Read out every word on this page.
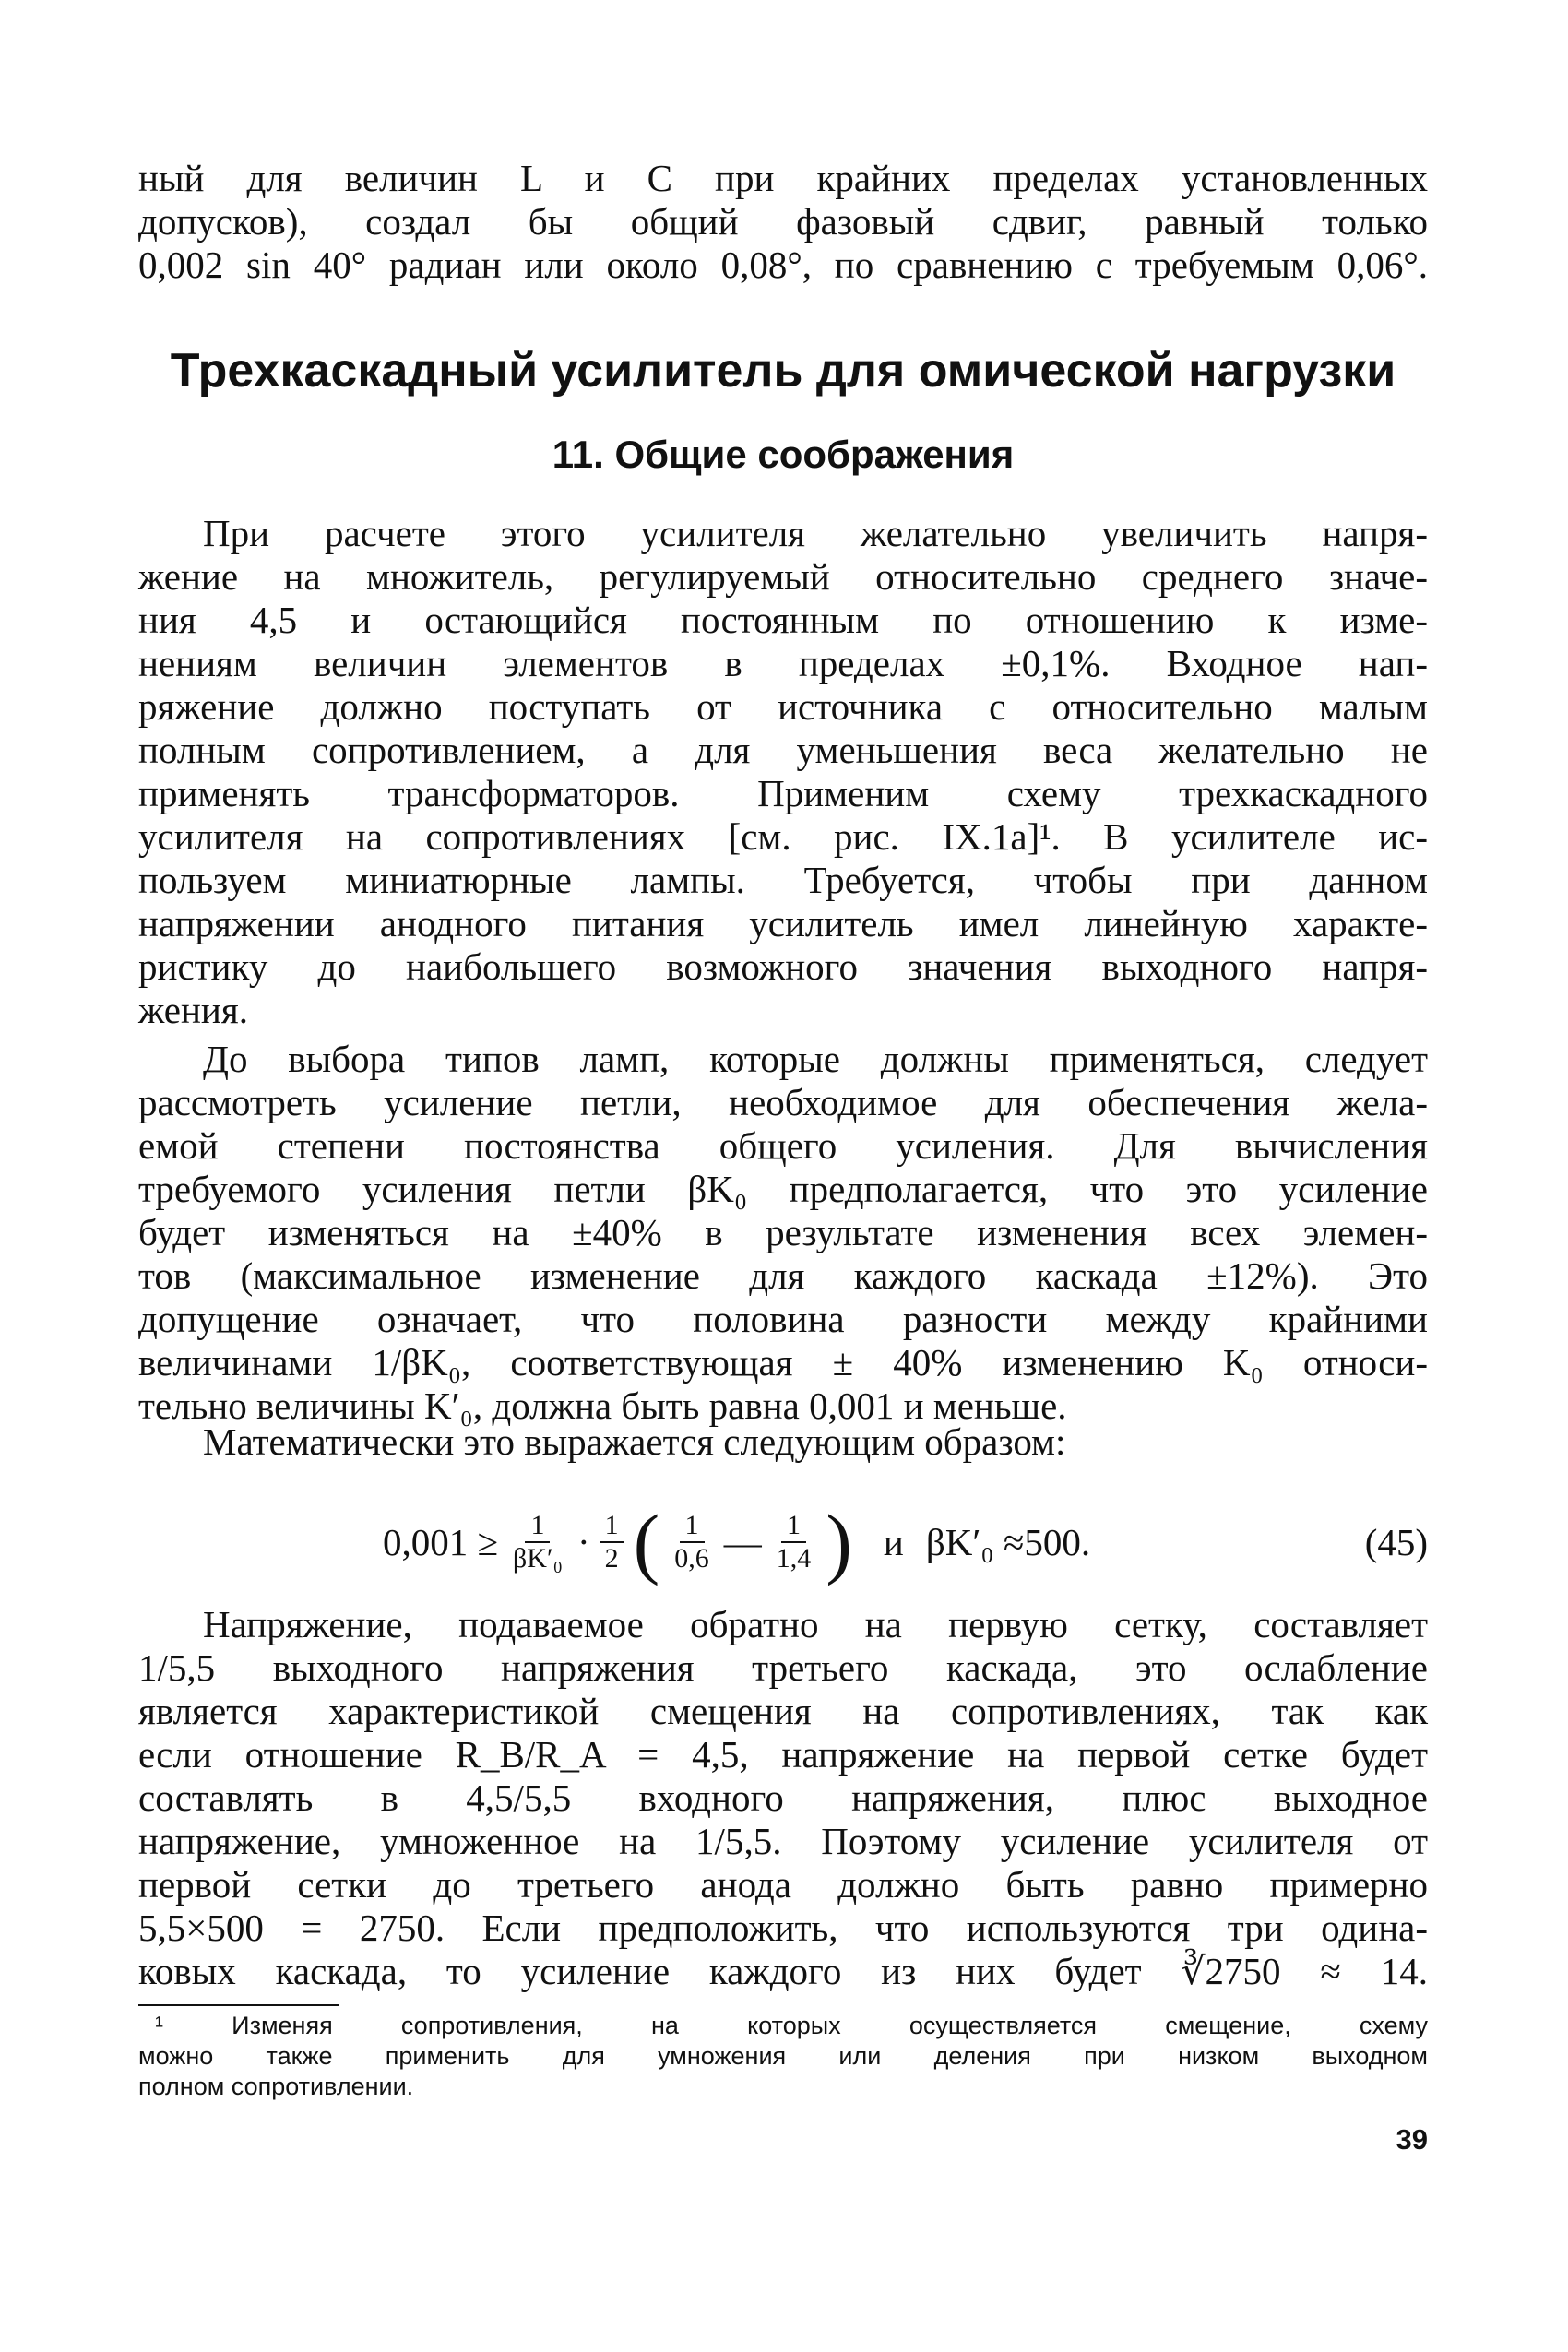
ный для величин L и C при крайних пределах установленных
допусков), создал бы общий фазовый сдвиг, равный только
0,002 sin 40° радиан или около 0,08°, по сравнению с требуемым 0,06°.
Трехкаскадный усилитель для омической нагрузки
11. Общие соображения
При расчете этого усилителя желательно увеличить напря-
жение на множитель, регулируемый относительно среднего значе-
ния 4,5 и остающийся постоянным по отношению к изме-
нениям величин элементов в пределах ±0,1%. Входное нап-
ряжение должно поступать от источника с относительно малым
полным сопротивлением, а для уменьшения веса желательно не
применять трансформаторов. Применим схему трехкаскадного
усилителя на сопротивлениях [см. рис. IX.1a]¹. В усилителе ис-
пользуем миниатюрные лампы. Требуется, чтобы при данном
напряжении анодного питания усилитель имел линейную характе-
ристику до наибольшего возможного значения выходного напря-
жения.
До выбора типов ламп, которые должны применяться, следует
рассмотреть усиление петли, необходимое для обеспечения жела-
емой степени постоянства общего усиления. Для вычисления
требуемого усиления петли βK₀ предполагается, что это усиление
будет изменяться на ±40% в результате изменения всех элемен-
тов (максимальное изменение для каждого каскада ±12%). Это
допущение означает, что половина разности между крайними
величинами 1/βK₀, соответствующая ± 40% изменению K₀ относи-
тельно величины K′₀, должна быть равна 0,001 и меньше.
Математически это выражается следующим образом:
$0,001 \ge \frac{1}{\text{βK′₀}} \cdot \frac{1}{2}$ ( $\frac{1}{0,6}$ — $\frac{1}{1,4}$ ) и βK′₀ ≈500.	(45)
Напряжение, подаваемое обратно на первую сетку, составляет
1/5,5 выходного напряжения третьего каскада, это ослабление
является характеристикой смещения на сопротивлениях, так как
если отношение R_B/R_A = 4,5, напряжение на первой сетке будет
составлять в 4,5/5,5 входного напряжения, плюс выходное
напряжение, умноженное на 1/5,5. Поэтому усиление усилителя от
первой сетки до третьего анода должно быть равно примерно
5,5×500 = 2750. Если предположить, что используются три одина-
ковых каскада, то усиление каждого из них будет ∛2750 ≈ 14.
¹ Изменяя сопротивления, на которых осуществляется смещение, схему
можно также применить для умножения или деления при низком выходном
полном сопротивлении.
39
